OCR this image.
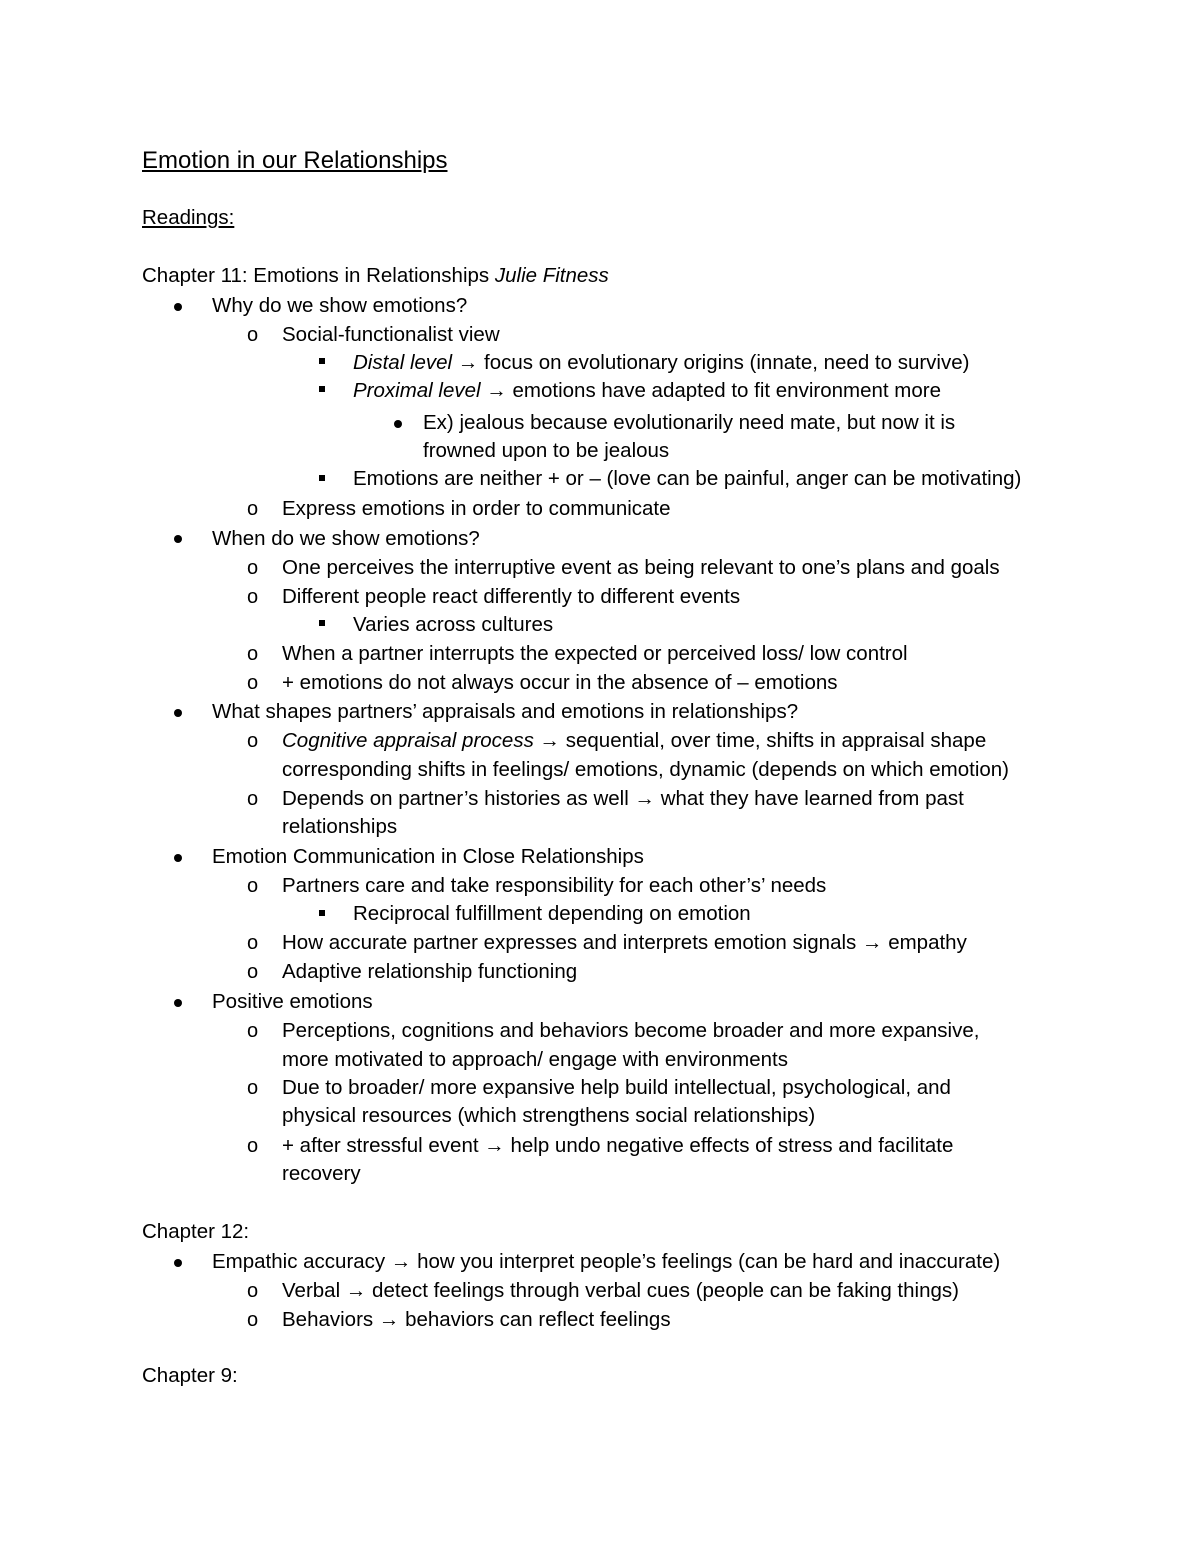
Emotion in our Relationships
Readings:
Chapter 11: Emotions in Relationships Julie Fitness
Why do we show emotions?
o Social-functionalist view
Distal level → focus on evolutionary origins (innate, need to survive)
Proximal level → emotions have adapted to fit environment more
Ex) jealous because evolutionarily need mate, but now it is
frowned upon to be jealous
Emotions are neither + or – (love can be painful, anger can be motivating)
o Express emotions in order to communicate
When do we show emotions?
o One perceives the interruptive event as being relevant to one’s plans and goals
o Different people react differently to different events
Varies across cultures
o When a partner interrupts the expected or perceived loss/ low control
o + emotions do not always occur in the absence of – emotions
What shapes partners’ appraisals and emotions in relationships?
o Cognitive appraisal process → sequential, over time, shifts in appraisal shape
corresponding shifts in feelings/ emotions, dynamic (depends on which emotion)
o Depends on partner’s histories as well → what they have learned from past
relationships
Emotion Communication in Close Relationships
o Partners care and take responsibility for each other’s’ needs
Reciprocal fulfillment depending on emotion
o How accurate partner expresses and interprets emotion signals → empathy
o Adaptive relationship functioning
Positive emotions
o Perceptions, cognitions and behaviors become broader and more expansive,
more motivated to approach/ engage with environments
o Due to broader/ more expansive help build intellectual, psychological, and
physical resources (which strengthens social relationships)
o + after stressful event → help undo negative effects of stress and facilitate
recovery
Chapter 12:
Empathic accuracy → how you interpret people’s feelings (can be hard and inaccurate)
o Verbal → detect feelings through verbal cues (people can be faking things)
o Behaviors → behaviors can reflect feelings
Chapter 9:
